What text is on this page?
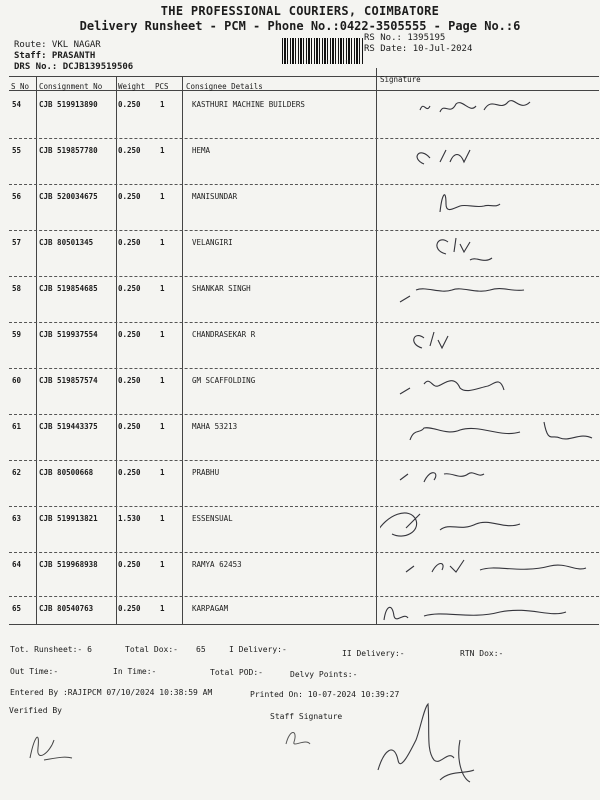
THE PROFESSIONAL COURIERS, COIMBATORE
Delivery Runsheet - PCM - Phone No.:0422-3505555 - Page No.:6
Route: VKL NAGAR
Staff: PRASANTH
DRS No.: DCJB139519506
RS No.: 1395195
RS Date: 10-Jul-2024
S No Consignment No Weight PCS Consignee Details
Signature
54 CJB 519913890	0.250	1	KASTHURI MACHINE BUILDERS
55 CJB 519857780	0.250	1	HEMA
56 CJB 520034675	0.250	1	MANISUNDAR
57 CJB 80501345	0.250	1	VELANGIRI
58 CJB 519854685	0.250	1	SHANKAR SINGH
59 CJB 519937554	0.250	1	CHANDRASEKAR R
60 CJB 519857574	0.250	1	GM SCAFFOLDING
61 CJB 519443375	0.250	1	MAHA 53213
62 CJB 80500668	0.250	1	PRABHU
63 CJB 519913821	1.530	1	ESSENSUAL
64 CJB 519968938	0.250	1	RAMYA 62453
65 CJB 80540763	0.250	1	KARPAGAM
Tot. Runsheet:- 6	Total Dox:- 65	I Delivery:-	II Delivery:-	RTN Dox:-
Out Time:-	In Time:-	Total POD:-	Delvy Points:-
Entered By :RAJIPCM 07/10/2024 10:38:59 AM	Printed On: 10-07-2024 10:39:27
Verified By
Staff Signature
